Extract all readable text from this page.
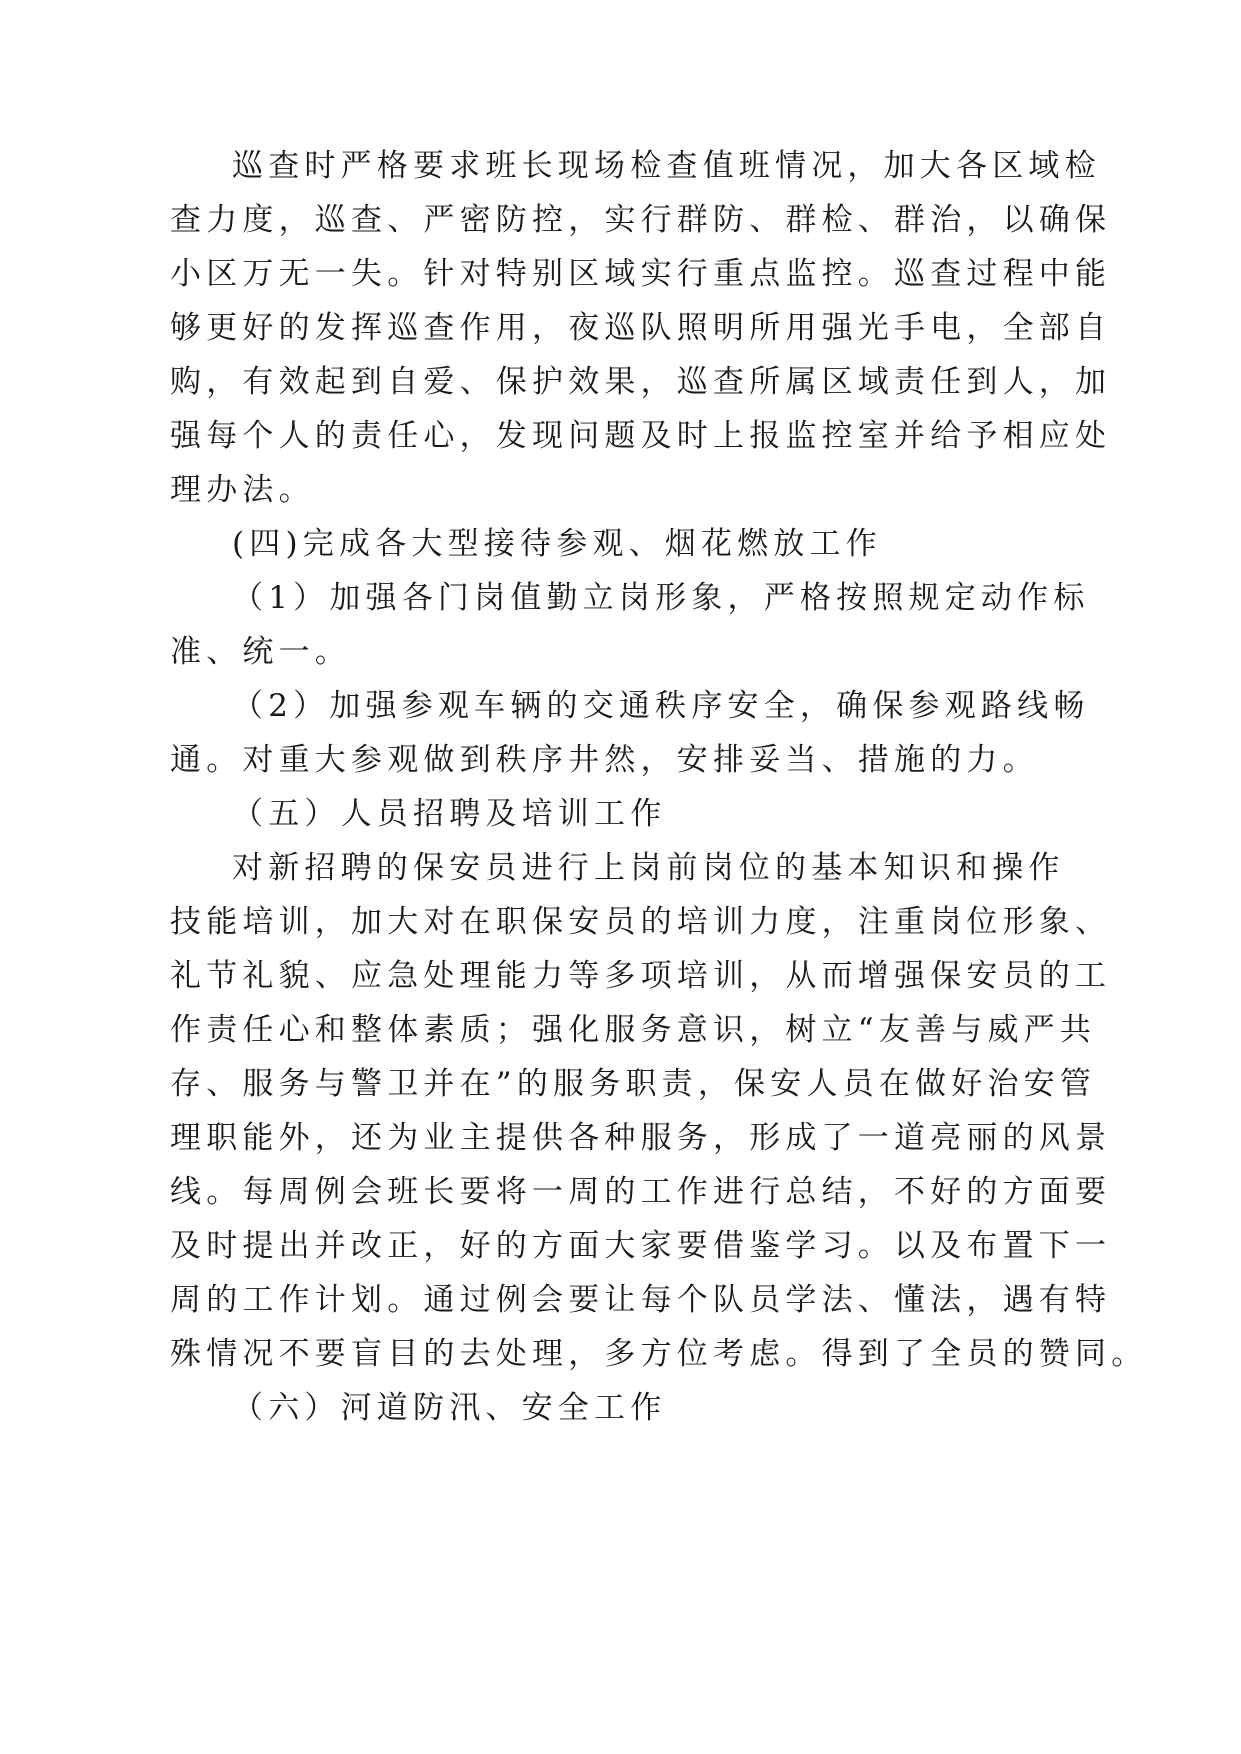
巡查时严格要求班长现场检查值班情况，加大各区域检
查力度，巡查、严密防控，实行群防、群检、群治，以确保
小区万无一失。针对特别区域实行重点监控。巡查过程中能
够更好的发挥巡查作用，夜巡队照明所用强光手电，全部自
购，有效起到自爱、保护效果，巡查所属区域责任到人，加
强每个人的责任心，发现问题及时上报监控室并给予相应处
理办法。
(四)完成各大型接待参观、烟花燃放工作
（1）加强各门岗值勤立岗形象，严格按照规定动作标
准、统一。
（2）加强参观车辆的交通秩序安全，确保参观路线畅
通。对重大参观做到秩序井然，安排妥当、措施的力。
（五）人员招聘及培训工作
对新招聘的保安员进行上岗前岗位的基本知识和操作
技能培训，加大对在职保安员的培训力度，注重岗位形象、
礼节礼貌、应急处理能力等多项培训，从而增强保安员的工
作责任心和整体素质；强化服务意识，树立“友善与威严共
存、服务与警卫并在”的服务职责，保安人员在做好治安管
理职能外，还为业主提供各种服务，形成了一道亮丽的风景
线。每周例会班长要将一周的工作进行总结，不好的方面要
及时提出并改正，好的方面大家要借鉴学习。以及布置下一
周的工作计划。通过例会要让每个队员学法、懂法，遇有特
殊情况不要盲目的去处理，多方位考虑。得到了全员的赞同。
（六）河道防汛、安全工作
